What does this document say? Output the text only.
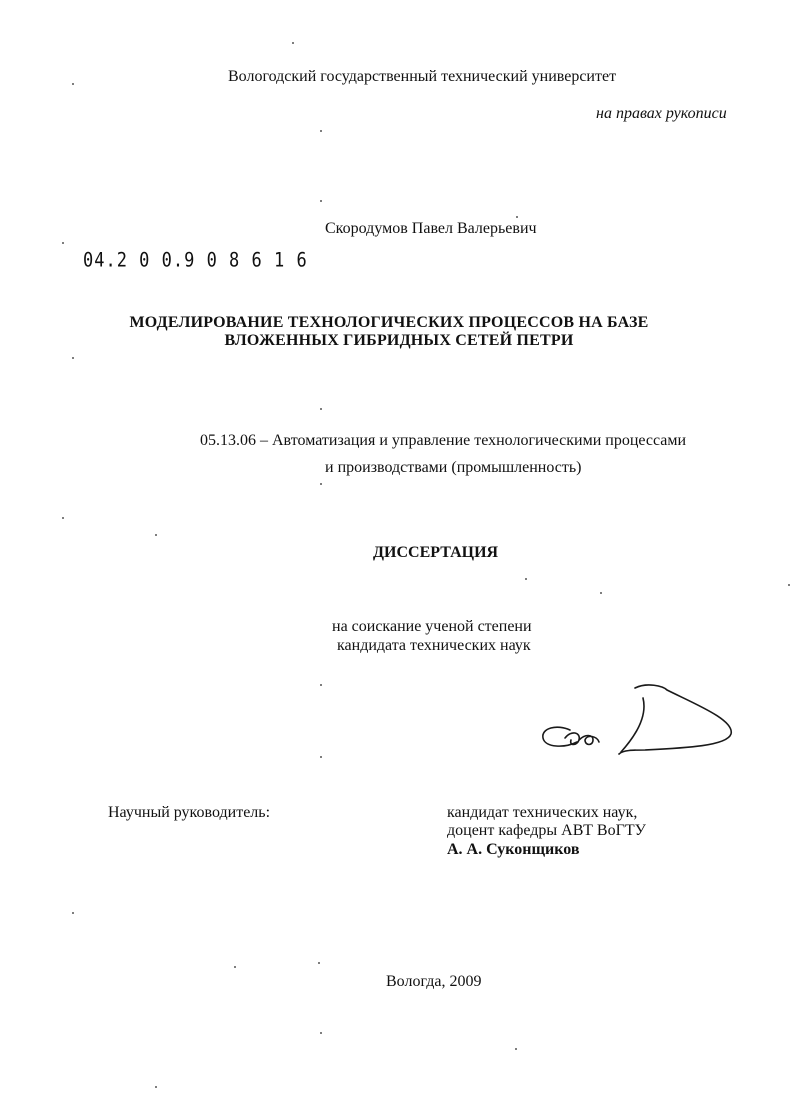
Вологодский государственный технический университет
на правах рукописи
Скородумов Павел Валерьевич
04.2 0 0.9 0 8 6 1 6
МОДЕЛИРОВАНИЕ ТЕХНОЛОГИЧЕСКИХ ПРОЦЕССОВ НА БАЗЕ
ВЛОЖЕННЫХ ГИБРИДНЫХ СЕТЕЙ ПЕТРИ
05.13.06 – Автоматизация и управление технологическими процессами
и производствами (промышленность)
ДИССЕРТАЦИЯ
на соискание ученой степени
кандидата технических наук
Научный руководитель:	кандидат технических наук,
доцент кафедры АВТ ВоГТУ
А. А. Суконщиков
Вологда, 2009
